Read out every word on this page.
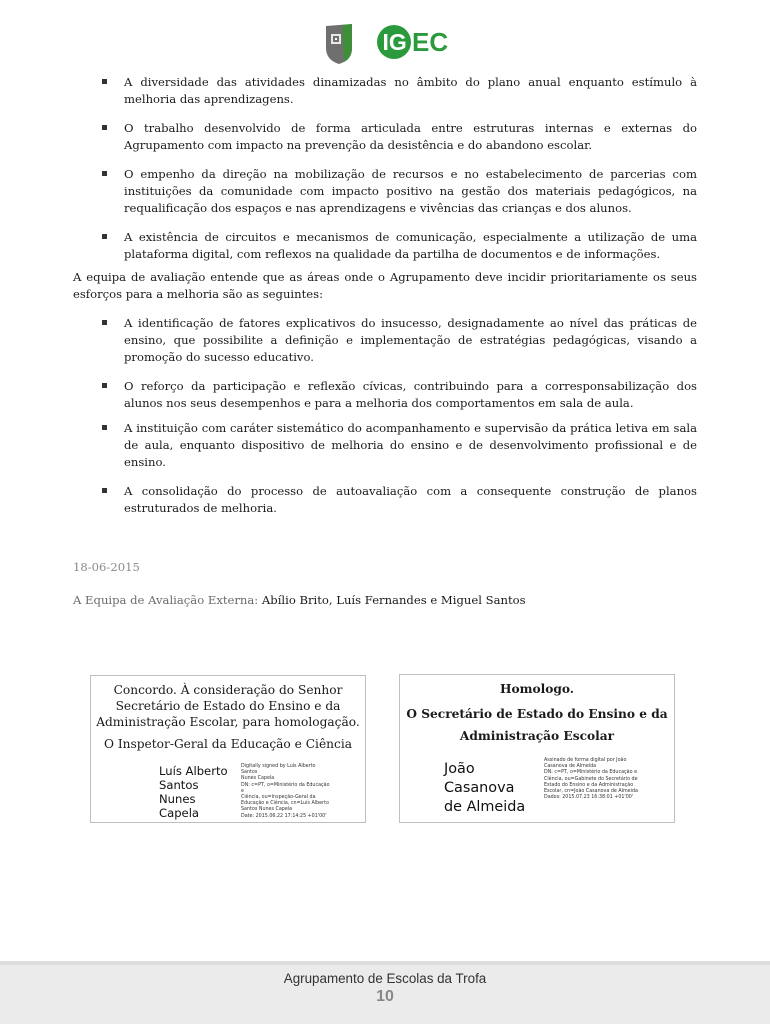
IG EC
A diversidade das atividades dinamizadas no âmbito do plano anual enquanto estímulo à melhoria das aprendizagens.
O trabalho desenvolvido de forma articulada entre estruturas internas e externas do Agrupamento com impacto na prevenção da desistência e do abandono escolar.
O empenho da direção na mobilização de recursos e no estabelecimento de parcerias com instituições da comunidade com impacto positivo na gestão dos materiais pedagógicos, na requalificação dos espaços e nas aprendizagens e vivências das crianças e dos alunos.
A existência de circuitos e mecanismos de comunicação, especialmente a utilização de uma plataforma digital, com reflexos na qualidade da partilha de documentos e de informações.

A equipa de avaliação entende que as áreas onde o Agrupamento deve incidir prioritariamente os seus esforços para a melhoria são as seguintes:

A identificação de fatores explicativos do insucesso, designadamente ao nível das práticas de ensino, que possibilite a definição e implementação de estratégias pedagógicas, visando a promoção do sucesso educativo.
O reforço da participação e reflexão cívicas, contribuindo para a corresponsabilização dos alunos nos seus desempenhos e para a melhoria dos comportamentos em sala de aula.
A instituição com caráter sistemático do acompanhamento e supervisão da prática letiva em sala de aula, enquanto dispositivo de melhoria do ensino e de desenvolvimento profissional e de ensino.
A consolidação do processo de autoavaliação com a consequente construção de planos estruturados de melhoria.
18-06-2015
A Equipa de Avaliação Externa: Abílio Brito, Luís Fernandes e Miguel Santos
Concordo. À consideração do Senhor Secretário de Estado do Ensino e da Administração Escolar, para homologação.
O Inspetor-Geral da Educação e Ciência
Luís Alberto
Santos Nunes
Capela
Digitally signed by Luís Alberto Santos
Nunes Capela
DN: c=PT, o=Ministério da Educação e
Ciência, ou=Inspeção-Geral da
Educação e Ciência, cn=Luís Alberto
Santos Nunes Capela
Date: 2015.06.22 17:14:25 +01'00'
Homologo.
O Secretário de Estado do Ensino e da Administração Escolar
João Casanova
de Almeida
Assinado de forma digital por João
Casanova de Almeida
DN: c=PT, o=Ministério da Educação e
Ciência, ou=Gabinete do Secretário de
Estado do Ensino e da Administração
Escolar, cn=João Casanova de Almeida
Dados: 2015.07.23 16:38:01 +01'00'
Agrupamento de Escolas da Trofa
10
